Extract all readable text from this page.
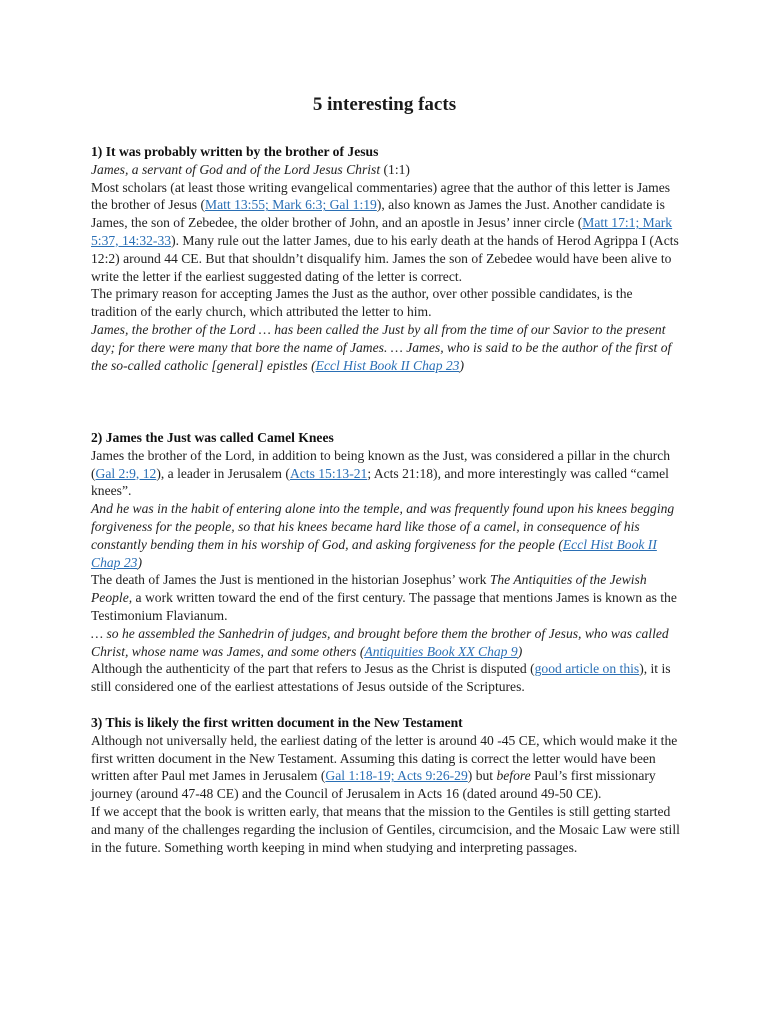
5 interesting facts

1) It was probably written by the brother of Jesus

James, a servant of God and of the Lord Jesus Christ (1:1)

Most scholars (at least those writing evangelical commentaries) agree that the author of this letter is James the brother of Jesus (Matt 13:55; Mark 6:3; Gal 1:19), also known as James the Just. Another candidate is James, the son of Zebedee, the older brother of John, and an apostle in Jesus’ inner circle (Matt 17:1; Mark 5:37, 14:32-33). Many rule out the latter James, due to his early death at the hands of Herod Agrippa I (Acts 12:2) around 44 CE. But that shouldn’t disqualify him. James the son of Zebedee would have been alive to write the letter if the earliest suggested dating of the letter is correct.

The primary reason for accepting James the Just as the author, over other possible candidates, is the tradition of the early church, which attributed the letter to him.

James, the brother of the Lord … has been called the Just by all from the time of our Savior to the present day; for there were many that bore the name of James. … James, who is said to be the author of the first of the so-called catholic [general] epistles (Eccl Hist Book II Chap 23)

2) James the Just was called Camel Knees

James the brother of the Lord, in addition to being known as the Just, was considered a pillar in the church (Gal 2:9, 12), a leader in Jerusalem (Acts 15:13-21; Acts 21:18), and more interestingly was called “camel knees”.

And he was in the habit of entering alone into the temple, and was frequently found upon his knees begging forgiveness for the people, so that his knees became hard like those of a camel, in consequence of his constantly bending them in his worship of God, and asking forgiveness for the people (Eccl Hist Book II Chap 23)

The death of James the Just is mentioned in the historian Josephus’ work The Antiquities of the Jewish People, a work written toward the end of the first century. The passage that mentions James is known as the Testimonium Flavianum.

… so he assembled the Sanhedrin of judges, and brought before them the brother of Jesus, who was called Christ, whose name was James, and some others (Antiquities Book XX Chap 9)

Although the authenticity of the part that refers to Jesus as the Christ is disputed (good article on this), it is still considered one of the earliest attestations of Jesus outside of the Scriptures.

3) This is likely the first written document in the New Testament

Although not universally held, the earliest dating of the letter is around 40 -45 CE, which would make it the first written document in the New Testament. Assuming this dating is correct the letter would have been written after Paul met James in Jerusalem (Gal 1:18-19; Acts 9:26-29) but before Paul’s first missionary journey (around 47-48 CE) and the Council of Jerusalem in Acts 16 (dated around 49-50 CE).

If we accept that the book is written early, that means that the mission to the Gentiles is still getting started and many of the challenges regarding the inclusion of Gentiles, circumcision, and the Mosaic Law were still in the future. Something worth keeping in mind when studying and interpreting passages.
